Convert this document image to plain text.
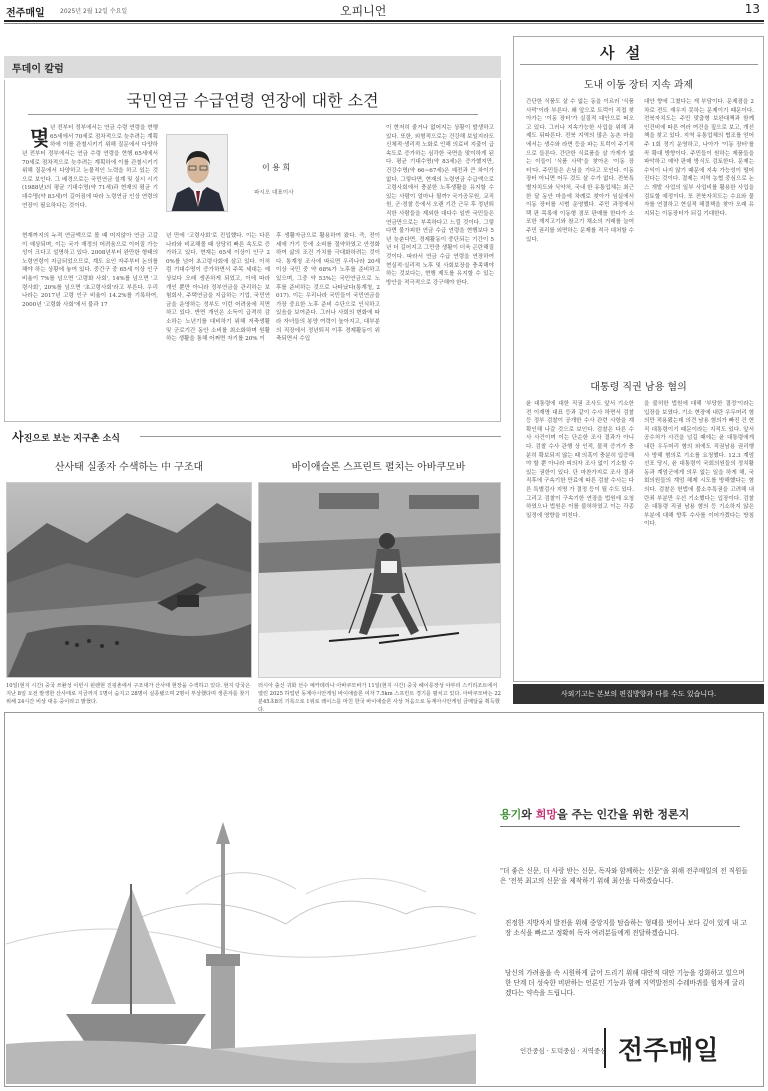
전주매일	2025년 2월 12일 수요일	오피니언	13
투데이 칼럼
국민연금 수급연령 연장에 대한 소견
몇 년 전부터 정부에서는 연금 수령 연령을 현행 65세에서 70세로 점차적으로 늦추려는 계획하에 이를 관철시키기 위해 질문에서 다양하
년 전부터 정부에서는 연금 수령 연령을 현행 65세에서 70세로 점차적으로 늦추려는 계획하에 이를 관철시키기 위해 질문에서 다양하고 논물적인 노력을 하고 있는 것으로 보인다. 그 배경으로는 국민연금 설계 및 실시 시기(1988년)의 평균 기대수명(약 71세)과 현재의 평균 기대수명(약 83세)이 길어짐에 따라 노령연금 인상 연령의 연장이 필요하다는 것이다.
현재까지의 누적 연금액으로 볼 때 머지않아 연금 고갈이 예상되며, 이는 국가 재정의 어려움으로 이어질 가능성이 크다고 설명하고 있다. 2008년부터 완만한 형태의 노령연령이 지급되었으므로, 계도 요인 자주부터 논의를 해야 하는 상황에 놓여 있다. 중간구 중 65세 이상 인구 비율이 7%를 넘으면 '고령화 사회', 14%를 넘으면 '고령사회', 20%를 넘으면 '초고령사회'라고 부른다. 우리나라는 2017년 고령 인구 비율이 14.2%를 기록하여, 2000년 '고령화 사회'에서 불과 17
이 용 희
파시오 대표이사
년 만에 '고령사회'로 진입했다. 이는 다른 나라와 비교해볼 때 상당히 빠른 속도로 증가하고 있다. 현재는 65세 이상이 인구 20%를 넘어 초고령사회에 살고 있다. 이처럼 기대수명이 증가하면서 주목 세대는 예상보다 오래 생존하게 되었고, 이에 따라 개인 뿐만 아니라 정부연금을 관리하는 보험회사, 주택연금을 지급하는 기업, 국민연금을 운영하는 정부도 이런 어려움에 직면하고 있다. 반면 개인은 소득이 급격히 감소하는 노년기를 대비하기 위해 저축생활 및 군로기간 동안 소비를 최소화하며 원활하는 생활을 통해 어쩌면 자기를 20% 이
후 생활자금으로 활용하여 왔다. 즉, 전이 세에 가기 등에 소비를 절약하였고 안정화하여 삶의 조건 가치를 극대화하려는 것이다. 통계청 조사에 따르면 우리나라 20세 이상 국민 중 약 68%가 노후를 준비하고 있으며, 그중 약 53%는 국민연금으로 노후를 준비하는 것으로 나타났다(통계청, 2017). 이는 우리나라 국민들이 국민연금을 가장 중요한 노후 준비 수단으로 인식하고 있음을 보여준다. 그러나 사회의 변화에 따라 자녀들의 봉양 여력이 높아지고, 대부분의 직장에서 정년퇴직 이후 경제활동이 위축되면서 수입
이 현저히 줄거나 없어지는 상황이 발생하고 있다. 또한, 외형적으로는 건강해 보일지라도 신체적·생리적 노화로 인해 의료비 지출이 급속도로 증가하는 심각한 국면을 맞이하게 된다. 평균 기대수명(약 83세)은 증가했지만, 건강수명(약 66~67세)은 예전과 큰 차이가 없다. 그렇다면, 현재의 노령연금 수급액으로 고령사회에서 충분한 노후생활을 유지할 수 있는 사람이 얼마나 될까? 국가공무원, 교직원, 군·경찰 등에서 오랜 기간 근무 후 정년퇴직한 사람들을 제외한 대다수 일반 국민들은 연금만으로는 부족하다고 느낄 것이다. 그렇다면 불가피한 연금 수급 연령을 현행보다 5년 늦춘다면, 경제활동이 중단되는 기간이 5년 더 길어지고 그만큼 생활이 더욱 곤란해질 것이다. 따라서 연금 수급 연령을 연장하여 현실적·실리적 노후 및 사회보장을 충족해야 하는 것보다는, 현행 제도를 유지할 수 있는 방안을 적극적으로 강구해야 한다.
사 설
도내 이동 장터 지속 과제
간단한 식품도 살 수 없는 동을 이르러 '식품 사막'이라 부른다. 왜 앞으로 트럭이 직접 찾아가는 '이동 장터'가 실질적 대안으로 떠오고 있다. 그러나 지속가능한 사업을 위해 과제도 뒤따른다. 전북 지역의 많은 농촌 마을에서는 생수와 라면 등을 파는 트럭이 주기적으로 들른다. 간단한 식료품을 살 가게가 없는 이들이 '식품 사막'을 찾아온 '이동 장터'다. 주민들은 손님을 기다고 모인다. 이동 장터 아니면 어두 것도 살 수가 없다. 전북특별자치도와 식약처, 국내 한 유통업체는 최근 한 달 동안 마을에 차례로 찾아가 임실에서 이동 장터를 시범 운영했다. 주민 과정에서 택 판 목록에 이동형 점포 판매를 한다가 소포한 재지고기와 참고기 채소의 거래를 늘어 주민 권리를 외면하는 문제를 적극 대처할 수 있다.
대안 향에 그쳤다는 게 부담이다. 문제점을 2차로 전도 재우지 못하는 문제이기 때문이다. 전북자치도는 주민 맞춤형 보완대책과 함께 인건비에 따른 여러 여건을 짚으로 보고, 개선책을 찾고 있다. 지역 유통업체의 협조를 얻어 주 1회 정기 운영하고, 나아가 '이동 장터'를 꼭 확대 방향이다. 주민들이 원하는 제품들을 파악하고 예약 판매 방식도 검토한다. 문제는 수익이 나지 않기 때문에 지속 가능성이 떨어진다는 것이다. 결제는 지역 농협 중심으로 논스 개발 사업의 일부 사업비를 활용한 사업을 검토할 예정이다. 또 전북자치도는 수요와 물자를 연결하고 현실적 해결책을 찾아 오래 유지되는 이동장터가 되길 기대한다.
대통령 직권 남용 혐의
윤 대통령에 대한 직권 조사도 앞서 기소한 전 이재명 대표 등과 같이 수사 하면서 검찰 등 정부 검찰이 공개한 수사 관련 사항을 재확인해 나갈 것으로 보인다. 검찰은 다른 수사 사건이며 이는 단순한 조사 결과가 아니다. 검찰 수사 관행 상 인적, 물적 증거가 충분히 확보되지 않는 때 의혹이 충분히 입증해야 할 뿐 아니라 피의자 조사 없이 기소할 수 있는 권한이 있다. 단 마찬가지로 조사 결과 직후에 구속기한 만료에 따른 검찰 수사는 다른 특별검사 지명 가 결정 등이 될 수도 있다. 그리고 검찰이 구속기한 연장을 법원에 요청하였으나 법원은 이를 불허하였고 이는 각종 일정에 영향을 미친다.
을 불허한 법원에 대해 '부당한 결정'이라는 입장을 보였다. 기소 현장에 내란 우두머리 혐의만 적용됐는데 의견 남용 혐의가 빠진 건 현직 대통령이기 때문이라는 지적도 있다. 앞서 공수처가 사건을 넘길 때에는 윤 대통령에게 내란 우두머리 혐의 외에도 직권남용 권리행사 방해 혐의로 기소를 요청했다. 12.3 계엄 선포 당시, 윤 대통령이 국회의원들의 정치활동과 계엄군에게 의무 없는 일을 하게 해, 국회의원들의 계엄 해제 시도를 방해했다는 혐의다. 검찰은 헌법에 불소추특권을 고려해 내란죄 부분만 우선 기소했다는 입장이다. 검찰은 대통령 직권 남용 혐의 등 기소하지 않은 부분에 대해 향후 수사를 이어가겠다는 방침이다.
사외기고는 본보의 편집방향과 다를 수도 있습니다.
사진으로 보는 지구촌 소식
산사태 실종자 수색하는 中 구조대
10일(현지 시간) 중국 쓰촨성 이빈시 윈렌현 진핑촌에서 구조대가 산사태 현장을 수색하고 있다. 현지 당국은 지난 8일 오전 발생한 산사태로 지금까지 1명이 숨지고 28명이 실종됐으며 2명이 부상했다며 생존자를 찾기 위해 24시간 비상 대응 중이라고 밝혔다.
바이애슬론 스프린트 펼치는 아바쿠모바
러시아 출신 귀화 선수 예카테리나 아바쿠모바가 11일(현지 시간) 중국 헤이룽장성 야부리 스키리조트에서 열린 2025 하얼빈 동계아시안게임 바이애슬론 여자 7.5km 스프린트 경기를 펼치고 있다. 아바쿠모바는 22분45초8의 기록으로 1위로 레이스를 마친 한국 바이애슬론 사상 처음으로 동계아시안게임 금메달을 획득했다.
용기와 희망을 주는 인간을 위한 정론지
"더 좋은 신문, 더 사랑 받는 신문, 독자와 함께하는 신문"을 위해 전주매일의 전 직원들은 '전북 최고의 신문'을 제작하기 위해 최선을 다하겠습니다.
진정한 지방자치 발전을 위해 중앙지를 탐습하는 형태를 벗어나 보다 깊이 있게 내 고장 소식을 빠르고 정확히 독자 여러분들에게 전달하겠습니다.
당신의 가려움을 속 시원하게 긁어 드리기 위해 대안적 대안 기능을 강화하고 있으며 한 단계 더 성숙한 비판하는 언론인 기능과 함께 지역발전의 수레바퀴를 힘차게 굴리겠다는 약속을 드립니다.
전주매일
인간중심 · 도덕중심 · 지역중심
